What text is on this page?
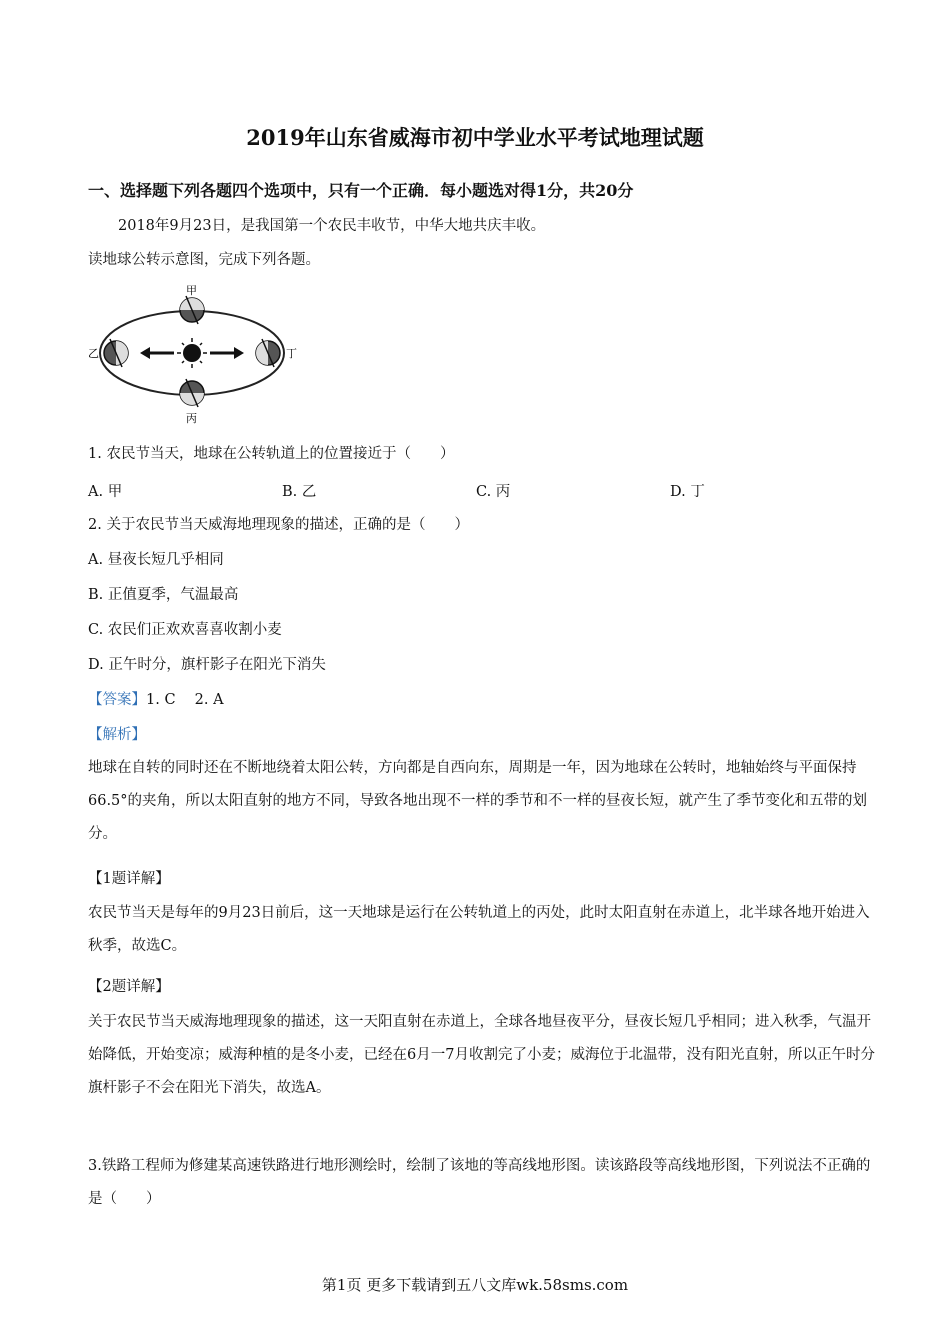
2019年山东省威海市初中学业水平考试地理试题
一、选择题下列各题四个选项中，只有一个正确．每小题选对得1分，共20分
2018年9月23日，是我国第一个农民丰收节，中华大地共庆丰收。
读地球公转示意图，完成下列各题。
甲
乙
丙
丁
1. 农民节当天，地球在公转轨道上的位置接近于（　　）
A. 甲	B. 乙	C. 丙	D. 丁
2. 关于农民节当天威海地理现象的描述，正确的是（　　）
A. 昼夜长短几乎相同
B. 正值夏季，气温最高
C. 农民们正欢欢喜喜收割小麦
D. 正午时分，旗杆影子在阳光下消失
【答案】1. C　 2. A
【解析】
地球在自转的同时还在不断地绕着太阳公转，方向都是自西向东，周期是一年，因为地球在公转时，地轴始终与平面保持66.5°的夹角，所以太阳直射的地方不同，导致各地出现不一样的季节和不一样的昼夜长短，就产生了季节变化和五带的划分。
【1题详解】
农民节当天是每年的9月23日前后，这一天地球是运行在公转轨道上的丙处，此时太阳直射在赤道上，北半球各地开始进入秋季，故选C。
【2题详解】
关于农民节当天威海地理现象的描述，这一天阳直射在赤道上，全球各地昼夜平分，昼夜长短几乎相同；进入秋季，气温开始降低，开始变凉；威海种植的是冬小麦，已经在6月一7月收割完了小麦；威海位于北温带，没有阳光直射，所以正午时分旗杆影子不会在阳光下消失，故选A。
3.铁路工程师为修建某高速铁路进行地形测绘时，绘制了该地的等高线地形图。读该路段等高线地形图，下列说法不正确的是（　　）
第1页 更多下载请到五八文库wk.58sms.com
